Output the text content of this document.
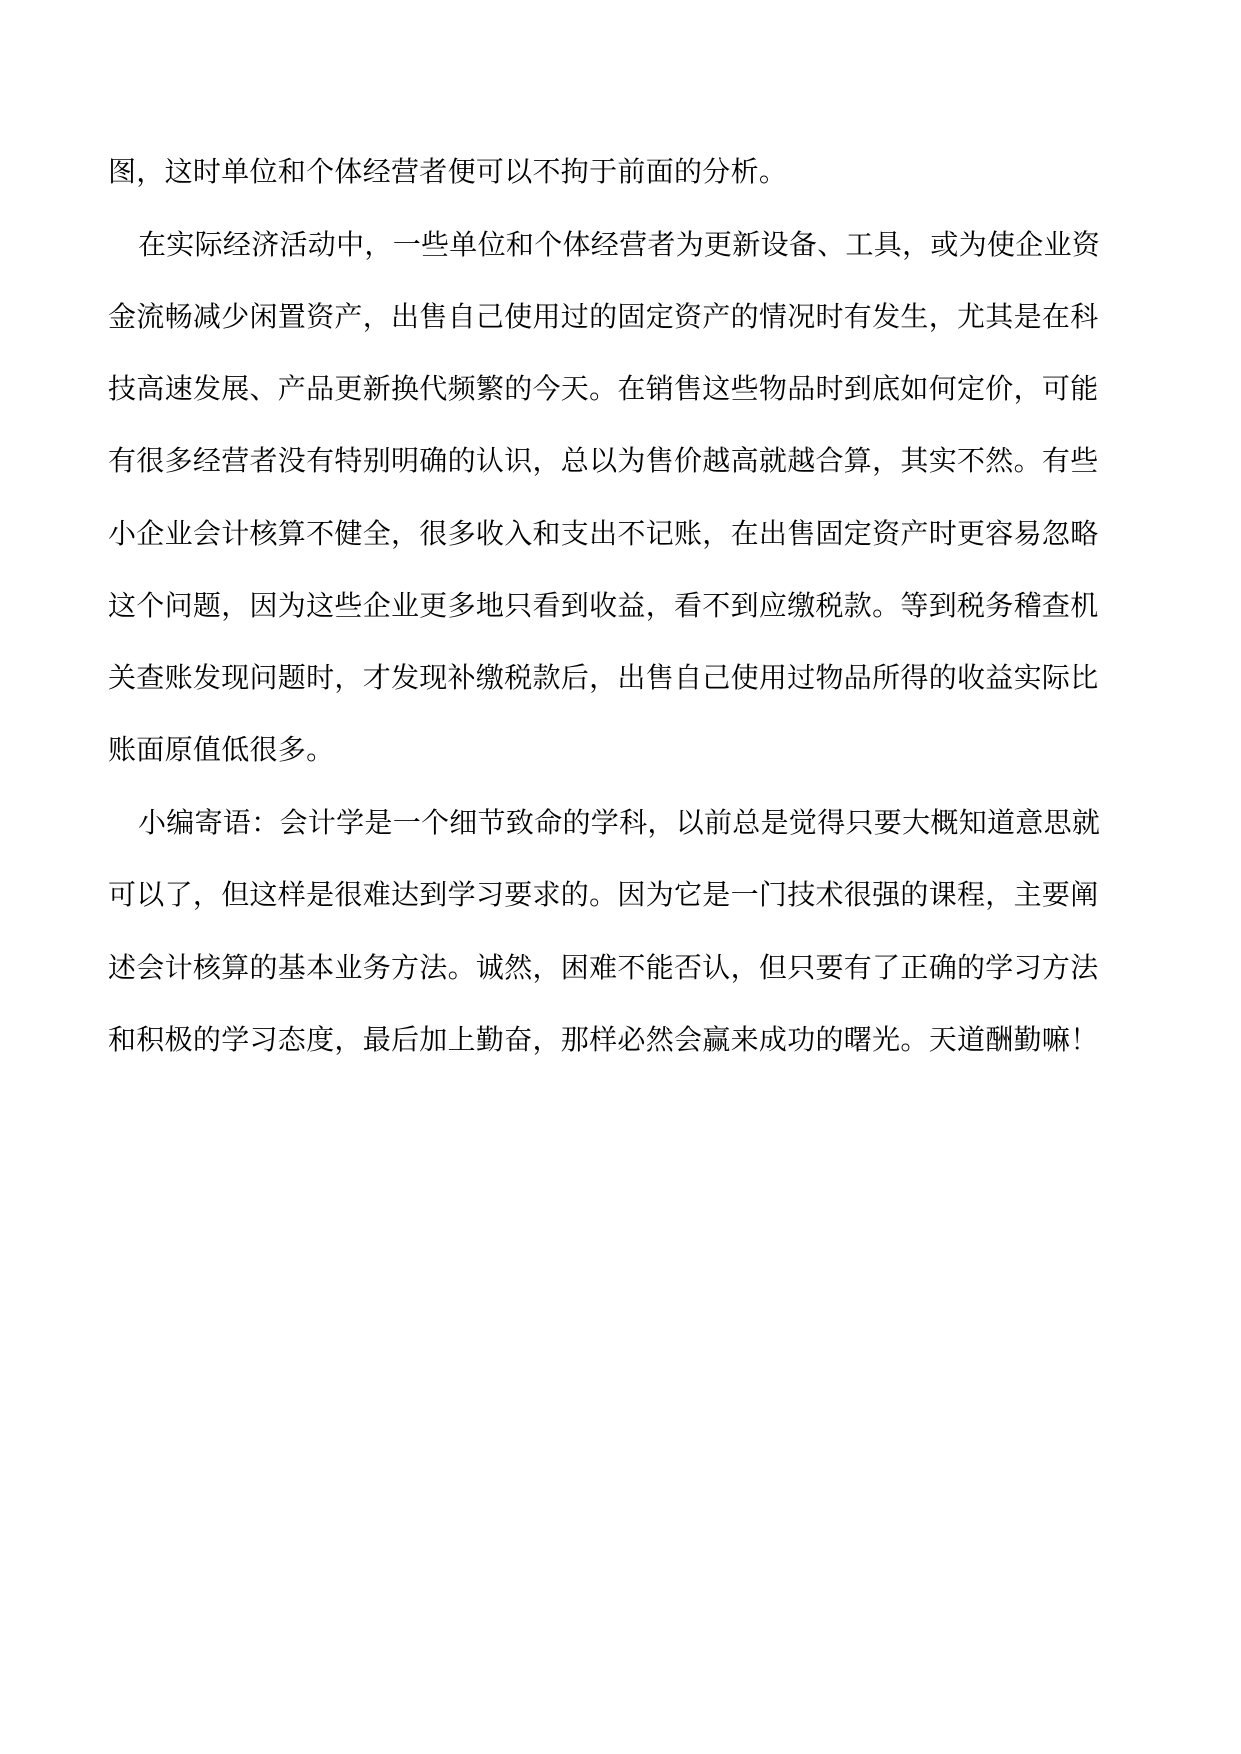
图，这时单位和个体经营者便可以不拘于前面的分析。
在实际经济活动中，一些单位和个体经营者为更新设备、工具，或为使企业资
金流畅减少闲置资产，出售自己使用过的固定资产的情况时有发生，尤其是在科
技高速发展、产品更新换代频繁的今天。在销售这些物品时到底如何定价，可能
有很多经营者没有特别明确的认识，总以为售价越高就越合算，其实不然。有些
小企业会计核算不健全，很多收入和支出不记账，在出售固定资产时更容易忽略
这个问题，因为这些企业更多地只看到收益，看不到应缴税款。等到税务稽查机
关查账发现问题时，才发现补缴税款后，出售自己使用过物品所得的收益实际比
账面原值低很多。
小编寄语：会计学是一个细节致命的学科，以前总是觉得只要大概知道意思就
可以了，但这样是很难达到学习要求的。因为它是一门技术很强的课程，主要阐
述会计核算的基本业务方法。诚然，困难不能否认，但只要有了正确的学习方法
和积极的学习态度，最后加上勤奋，那样必然会赢来成功的曙光。天道酬勤嘛！
